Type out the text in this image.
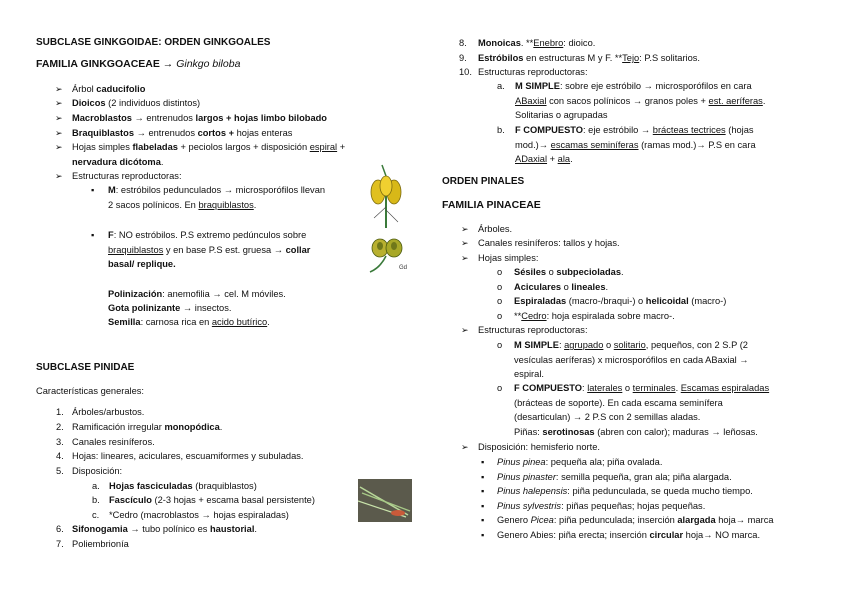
SUBCLASE GINKGOIDAE: ORDEN GINKGOALES
FAMILIA GINKGOACEAE → Ginkgo biloba
➢ Árbol caducifolio
➢ Dioicos (2 individuos distintos)
➢ Macroblastos → entrenudos largos + hojas limbo bilobado
➢ Braquiblastos → entrenudos cortos + hojas enteras
➢ Hojas simples flabeladas + peciolos largos + disposición espiral +
nervadura dicótoma.
➢ Estructuras reproductoras:
▪ M: estróbilos pedunculados → microsporófilos llevan
2 sacos polínicos. En braquiblastos.
▪ F: NO estróbilos. P.S extremo pedúnculos sobre
braquiblastos y en base P.S est. gruesa → collar
basal/ replique.
Polinización: anemofilia → cel. M móviles.
Gota polinizante → insectos.
Semilla: carnosa rica en acido butírico.
Gd
SUBCLASE PINIDAE
Características generales:
1. Árboles/arbustos.
2. Ramificación irregular monopódica.
3. Canales resiníferos.
4. Hojas: lineares, aciculares, escuamiformes y subuladas.
5. Disposición:
a. Hojas fasciculadas (braquiblastos)
b. Fascículo (2-3 hojas + escama basal persistente)
c. *Cedro (macroblastos → hojas espiraladas)
6. Sifonogamia → tubo polínico es haustorial.
7. Poliembrionía
8. Monoicas. **Enebro: dioico.
9. Estróbilos en estructuras M y F. **Tejo: P.S solitarios.
10. Estructuras reproductoras:
a. M SIMPLE: sobre eje estróbilo → microsporófilos en cara
ABaxial con sacos polínicos → granos poles + est. aeríferas.
Solitarias o agrupadas
b. F COMPUESTO: eje estróbilo → brácteas tectrices (hojas
mod.)→ escamas seminíferas (ramas mod.)→ P.S en cara
ADaxial + ala.
ORDEN PINALES
FAMILIA PINACEAE
➢ Árboles.
➢ Canales resiníferos: tallos y hojas.
➢ Hojas simples:
o Sésiles o subpecioladas.
o Aciculares o lineales.
o Espiraladas (macro-/braqui-) o helicoidal (macro-)
o **Cedro: hoja espiralada sobre macro-.
➢ Estructuras reproductoras:
o M SIMPLE: agrupado o solitario, pequeños, con 2 S.P (2
vesículas aeríferas) x microsporófilos en cada ABaxial →
espiral.
o F COMPUESTO: laterales o terminales. Escamas espiraladas
(brácteas de soporte). En cada escama seminífera
(desarticulan) → 2 P.S con 2 semillas aladas.
Piñas: serotinosas (abren con calor); maduras → leñosas.
➢ Disposición: hemisferio norte.
▪ Pinus pinea: pequeña ala; piña ovalada.
▪ Pinus pinaster: semilla pequeña, gran ala; piña alargada.
▪ Pinus halepensis: piña pedunculada, se queda mucho tiempo.
▪ Pinus sylvestris: piñas pequeñas; hojas pequeñas.
▪ Genero Picea: piña pedunculada; inserción alargada hoja→ marca
▪ Genero Abies: piña erecta; inserción circular hoja→ NO marca.
